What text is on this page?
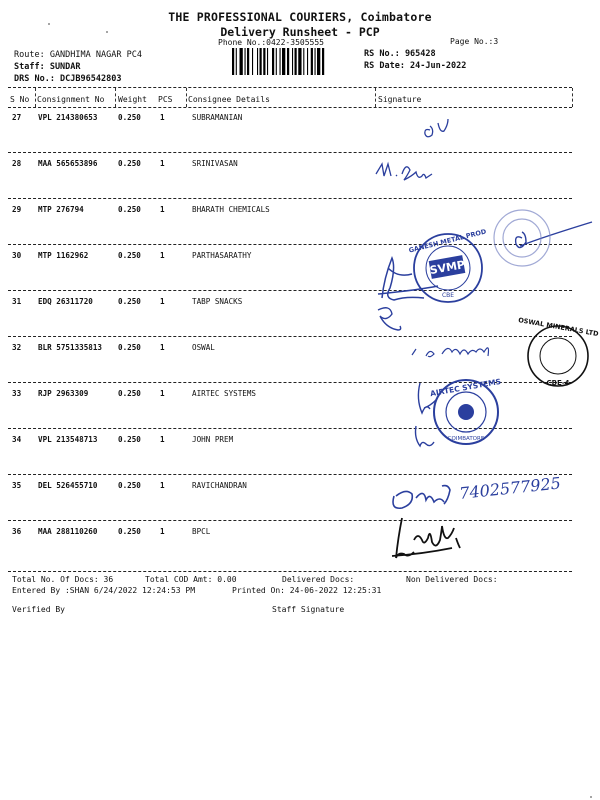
THE PROFESSIONAL COURIERS, Coimbatore
Delivery Runsheet - PCP
Phone No.:0422-3505555	Page No.:3
Route: GANDHIMA NAGAR PC4
Staff: SUNDAR
DRS No.: DCJB96542803
RS No.: 965428
RS Date: 24-Jun-2022
S No Consignment No Weight PCS Consignee Details	Signature
27 VPL 214380653	0.250	1	SUBRAMANIAN
28 MAA 565653896	0.250	1	SRINIVASAN
29 MTP 276794	0.250	1	BHARATH CHEMICALS
30 MTP 1162962	0.250	1	PARTHASARATHY
31 EDQ 26311720	0.250	1	TABP SNACKS
32 BLR 5751335813 0.250	1	OSWAL
33 RJP 2963309	0.250	1	AIRTEC SYSTEMS
34 VPL 213548713	0.250	1	JOHN PREM
35 DEL 526455710	0.250	1	RAVICHANDRAN
36 MAA 288110260	0.250	1	BPCL
7402577925
SVMP
GANESH METAL PROD
CBE
OSWAL MINERALS LTD
CBE-4
AIRTEC SYSTEMS
COIMBATORE
Total No. Of Docs: 36	Total COD Amt: 0.00	Delivered Docs:	Non Delivered Docs:
Entered By :SHAN 6/24/2022 12:24:53 PM	Printed On: 24-06-2022 12:25:31
Verified By	Staff Signature
